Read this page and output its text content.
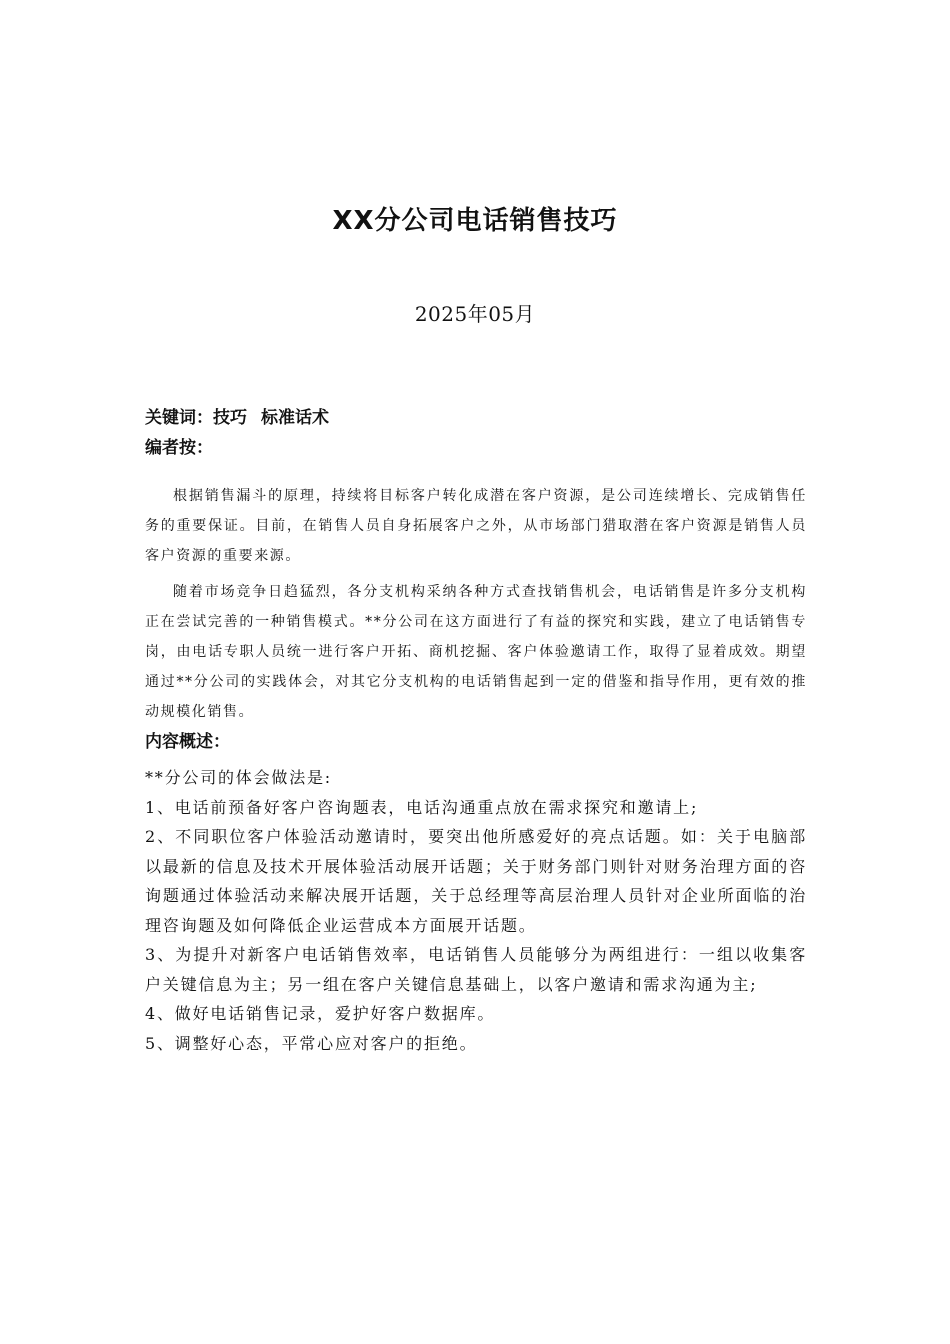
XX分公司电话销售技巧
2025年05月

关键词：技巧 标准话术

编者按：

根据销售漏斗的原理，持续将目标客户转化成潜在客户资源，是公司连续增长、完成销售任务的重要保证。目前，在销售人员自身拓展客户之外，从市场部门猎取潜在客户资源是销售人员客户资源的重要来源。

随着市场竞争日趋猛烈，各分支机构采纳各种方式查找销售机会，电话销售是许多分支机构正在尝试完善的一种销售模式。**分公司在这方面进行了有益的探究和实践，建立了电话销售专岗，由电话专职人员统一进行客户开拓、商机挖掘、客户体验邀请工作，取得了显着成效。期望通过**分公司的实践体会，对其它分支机构的电话销售起到一定的借鉴和指导作用，更有效的推动规模化销售。

内容概述：

**分公司的体会做法是:

1、电话前预备好客户咨询题表，电话沟通重点放在需求探究和邀请上;

2、不同职位客户体验活动邀请时，要突出他所感爱好的亮点话题。如：关于电脑部以最新的信息及技术开展体验活动展开话题；关于财务部门则针对财务治理方面的咨询题通过体验活动来解决展开话题，关于总经理等高层治理人员针对企业所面临的治理咨询题及如何降低企业运营成本方面展开话题。

3、为提升对新客户电话销售效率，电话销售人员能够分为两组进行：一组以收集客户关键信息为主；另一组在客户关键信息基础上，以客户邀请和需求沟通为主;

4、做好电话销售记录，爱护好客户数据库。

5、调整好心态，平常心应对客户的拒绝。
